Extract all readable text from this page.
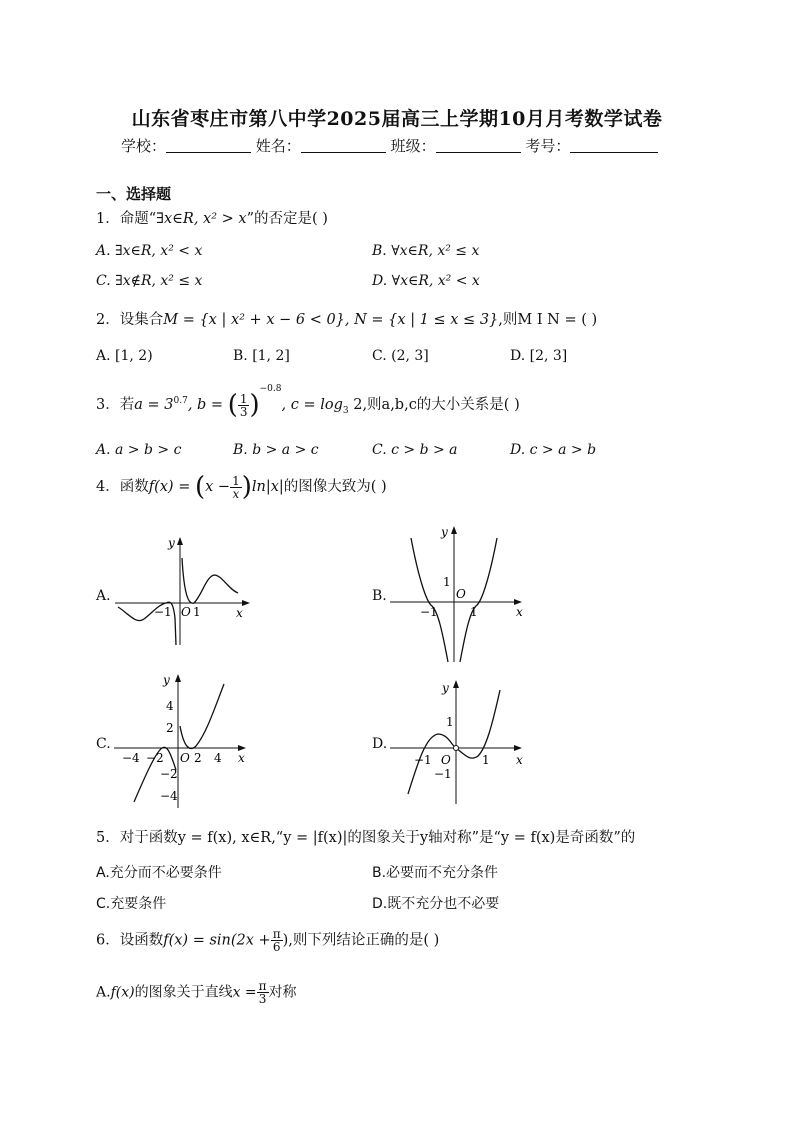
山东省枣庄市第八中学2025届高三上学期10月月考数学试卷
学校：	姓名：	班级：	考号：
一、选择题
1．命题“∃x∈R, x² > x”的否定是( )
A. ∃x∈R, x² < x	B. ∀x∈R, x² ≤ x
C. ∃x∉R, x² ≤ x	D. ∀x∈R, x² < x
2．设集合M = {x | x² + x − 6 < 0}, N = {x | 1 ≤ x ≤ 3},则M I N = ( )
A. [1, 2)	B. [1, 2]	C. (2, 3]	D. [2, 3]
3．若$a = 3^{0.7}$, b = ( $\frac{1}{3} )^{-0.8}$, $c = \log_3 2$,则a,b,c的大小关系是( )
A. a > b > c	B. b > a > c	C. c > b > a	D. c > a > b
4．函数$f(x) = (x - \frac{1}{x} )\ln|x|$的图像大致为( )
A.
x
y
O
−1 1
B.
x
y
O
−1	1
1
C.
x
y
O
−4 −2	2 4
4
2
−2
−4
D.
x
y
O
−1	1
1
−1
5．对于函数y = f(x), x∈R,“y = |f(x)|的图象关于y轴对称”是“y = f(x)是奇函数”的
A.充分而不必要条件	B.必要而不充分条件
C.充要条件	D.既不充分也不必要
6．设函数$f(x) = \sin(2x + \frac{\pi}{6}$ ),则下列结论正确的是( )
A.f(x)的图象关于直线$x = \frac{\pi}{3}$ 对称
